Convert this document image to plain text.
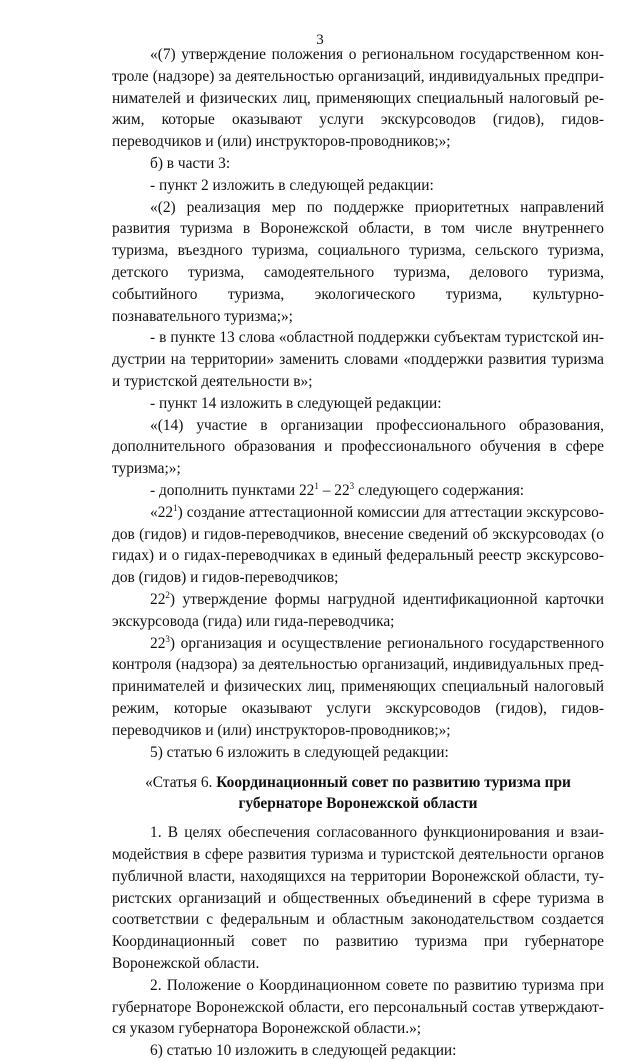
3

«(7) утверждение положения о региональном государственном контроле (надзоре) за деятельностью организаций, индивидуальных предпринимателей и физических лиц, применяющих специальный налоговый режим, которые оказывают услуги экскурсоводов (гидов), гидов-переводчиков и (или) инструкторов-проводников;»;

б) в части 3:

- пункт 2 изложить в следующей редакции:

«(2) реализация мер по поддержке приоритетных направлений развития туризма в Воронежской области, в том числе внутреннего туризма, въездного туризма, социального туризма, сельского туризма, детского туризма, самодеятельного туризма, делового туризма, событийного туризма, экологического туризма, культурно-познавательного туризма;»;

- в пункте 13 слова «областной поддержки субъектам туристской индустрии на территории» заменить словами «поддержки развития туризма и туристской деятельности в»;

- пункт 14 изложить в следующей редакции:

«(14) участие в организации профессионального образования, дополнительного образования и профессионального обучения в сфере туризма;»;

- дополнить пунктами $22^1 - 22^3$ следующего содержания:

«$22^1$) создание аттестационной комиссии для аттестации экскурсоводов (гидов) и гидов-переводчиков, внесение сведений об экскурсоводах (о гидах) и о гидах-переводчиках в единый федеральный реестр экскурсоводов (гидов) и гидов-переводчиков;

$22^2$) утверждение формы нагрудной идентификационной карточки экскурсовода (гида) или гида-переводчика;

$22^3$) организация и осуществление регионального государственного контроля (надзора) за деятельностью организаций, индивидуальных предпринимателей и физических лиц, применяющих специальный налоговый режим, которые оказывают услуги экскурсоводов (гидов), гидов-переводчиков и (или) инструкторов-проводников;»;

5) статью 6 изложить в следующей редакции:

«Статья 6. Координационный совет по развитию туризма при губернаторе Воронежской области

1. В целях обеспечения согласованного функционирования и взаимодействия в сфере развития туризма и туристской деятельности органов публичной власти, находящихся на территории Воронежской области, туристских организаций и общественных объединений в сфере туризма в соответствии с федеральным и областным законодательством создается Координационный совет по развитию туризма при губернаторе Воронежской области.

2. Положение о Координационном совете по развитию туризма при губернаторе Воронежской области, его персональный состав утверждаются указом губернатора Воронежской области.»;

6) статью 10 изложить в следующей редакции:
